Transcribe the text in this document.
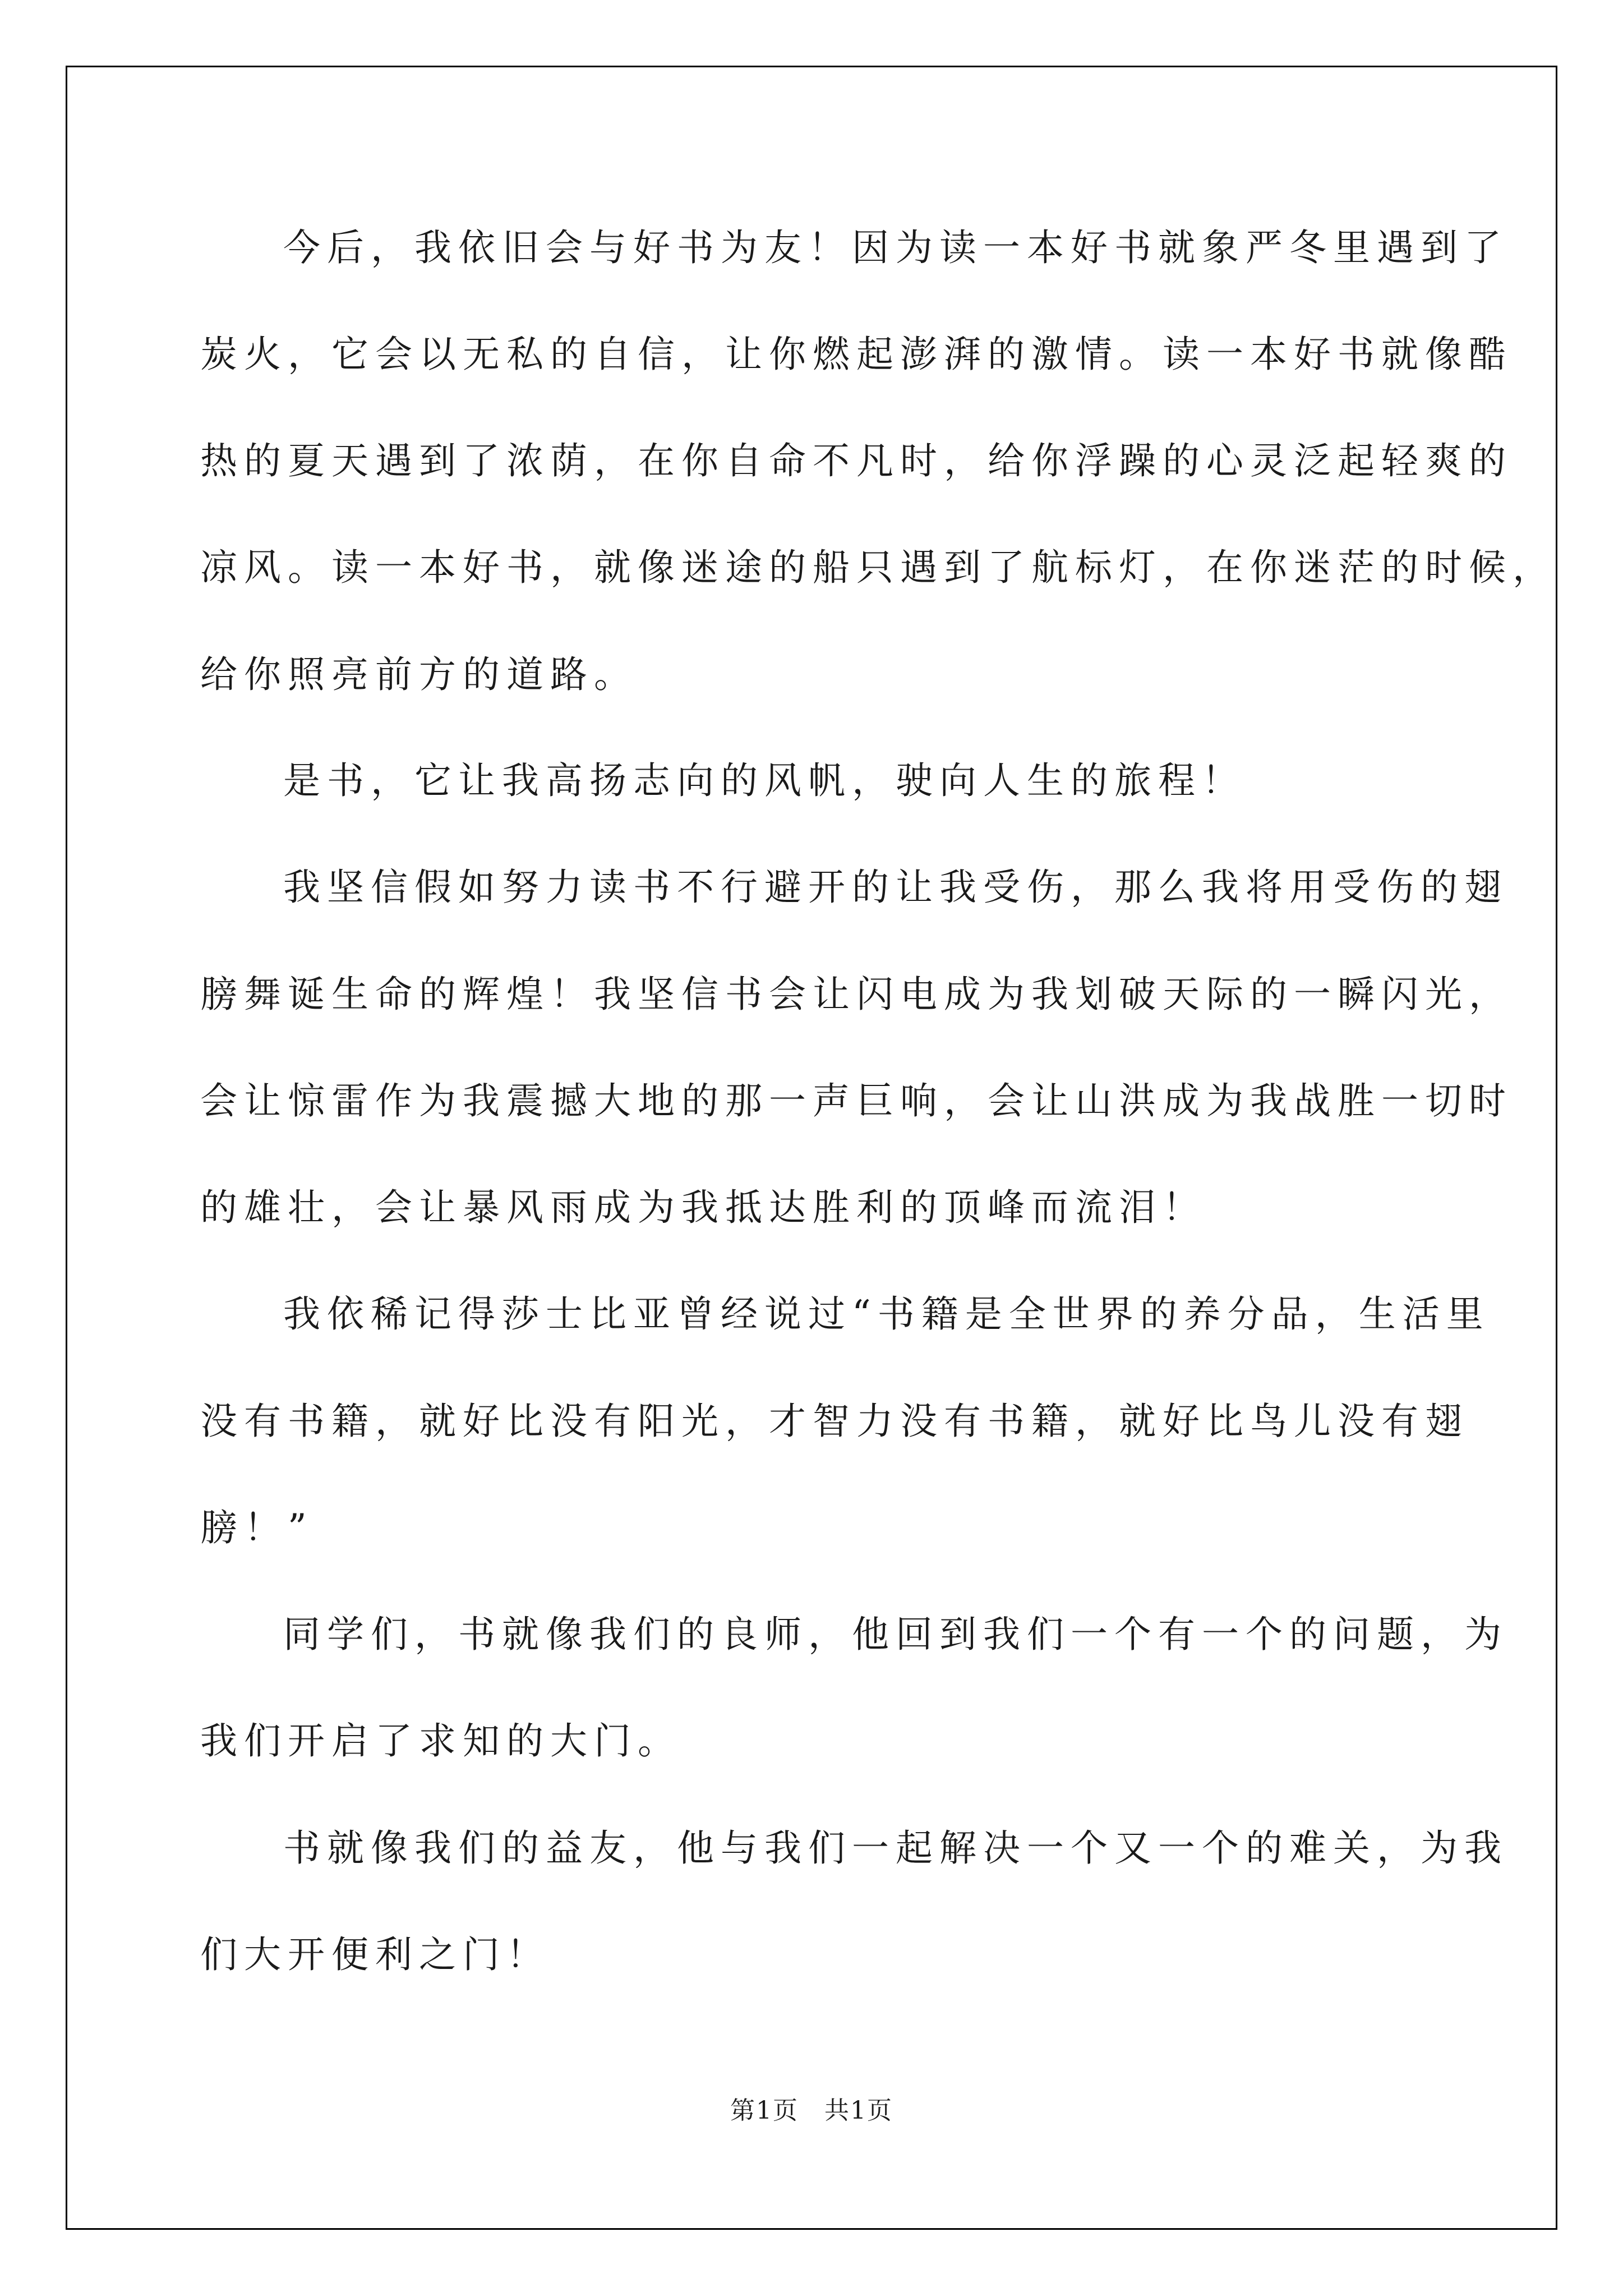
今后，我依旧会与好书为友！因为读一本好书就象严冬里遇到了
炭火，它会以无私的自信，让你燃起澎湃的激情。读一本好书就像酷
热的夏天遇到了浓荫，在你自命不凡时，给你浮躁的心灵泛起轻爽的
凉风。读一本好书，就像迷途的船只遇到了航标灯，在你迷茫的时候，
给你照亮前方的道路。
是书，它让我高扬志向的风帆，驶向人生的旅程！
我坚信假如努力读书不行避开的让我受伤，那么我将用受伤的翅
膀舞诞生命的辉煌！我坚信书会让闪电成为我划破天际的一瞬闪光，
会让惊雷作为我震撼大地的那一声巨响，会让山洪成为我战胜一切时
的雄壮，会让暴风雨成为我抵达胜利的顶峰而流泪！
我依稀记得莎士比亚曾经说过“书籍是全世界的养分品，生活里
没有书籍，就好比没有阳光，才智力没有书籍，就好比鸟儿没有翅
膀！”
同学们，书就像我们的良师，他回到我们一个有一个的问题，为
我们开启了求知的大门。
书就像我们的益友，他与我们一起解决一个又一个的难关，为我
们大开便利之门！
第1页　共1页
